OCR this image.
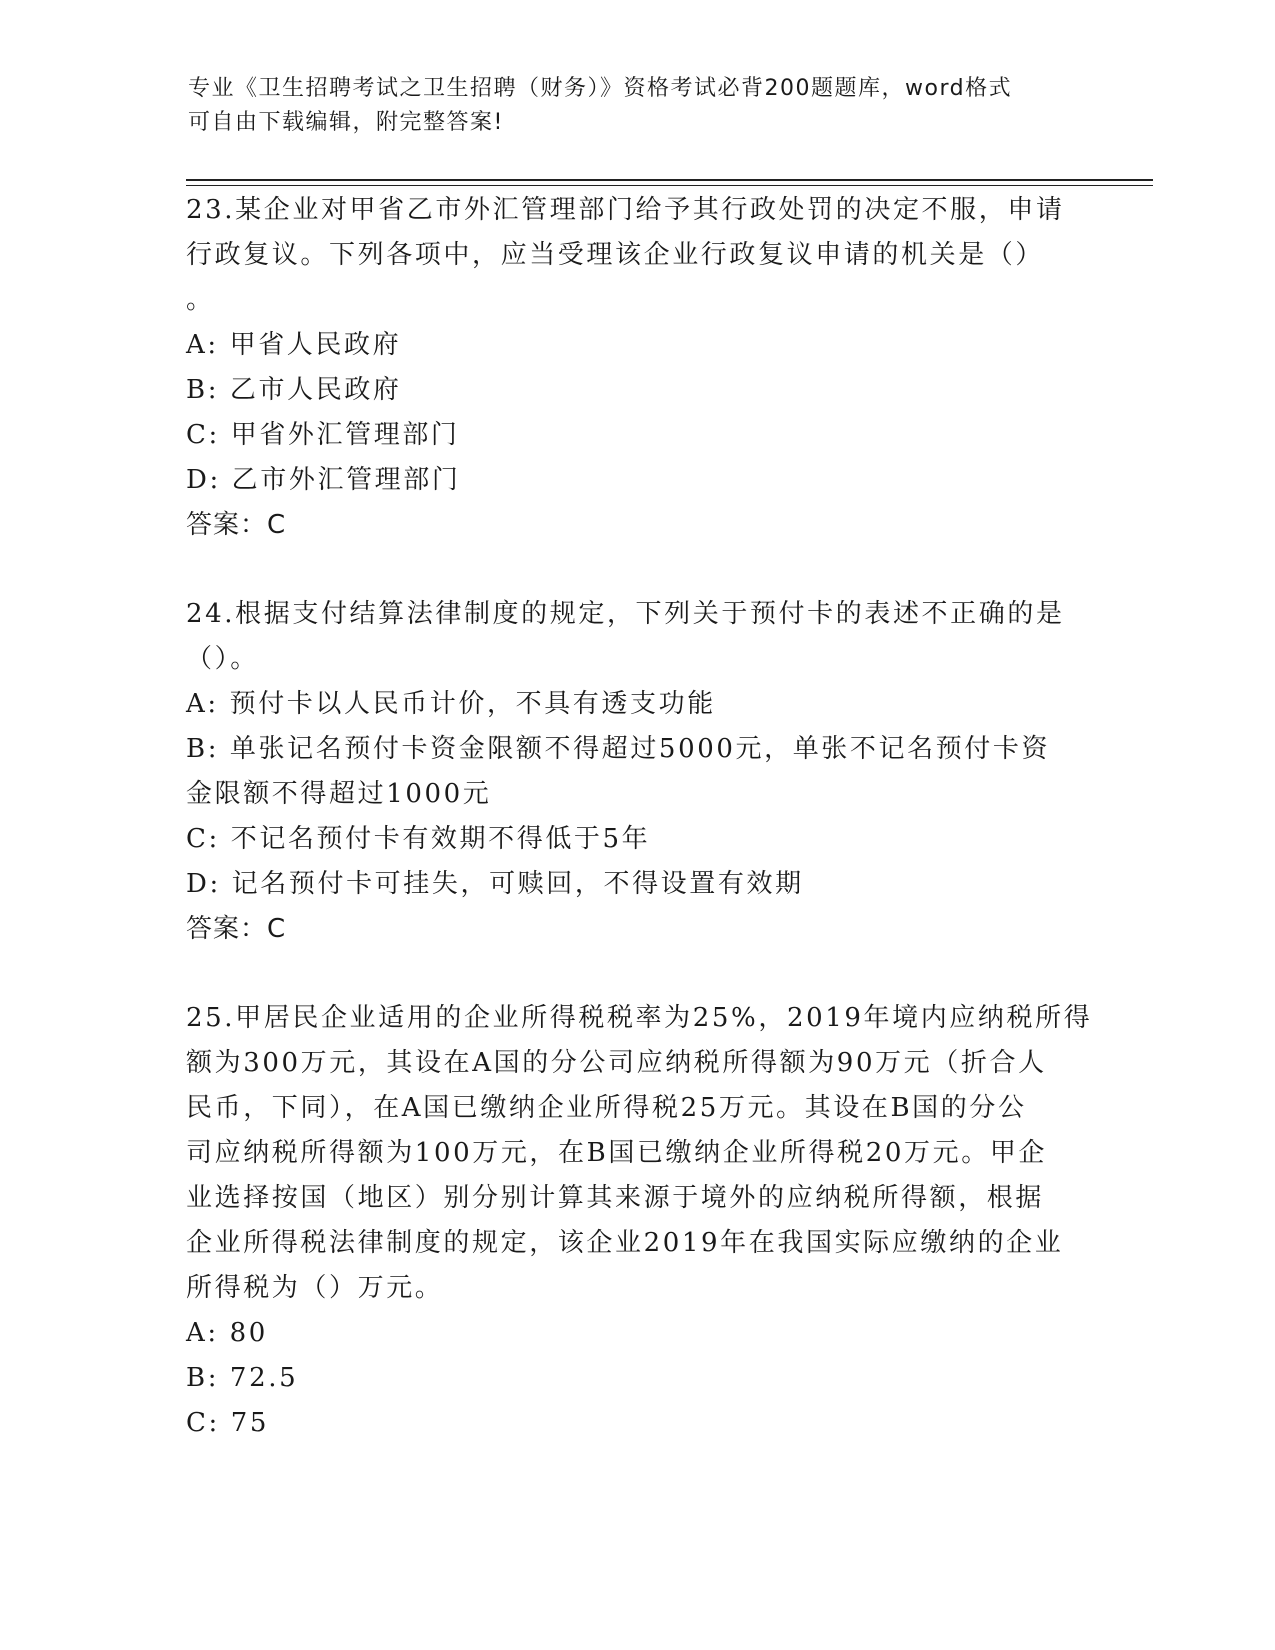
专业《卫生招聘考试之卫生招聘（财务）》资格考试必背200题题库，word格式
可自由下载编辑，附完整答案!
23.某企业对甲省乙市外汇管理部门给予其行政处罚的决定不服，申请
行政复议。下列各项中，应当受理该企业行政复议申请的机关是（）
。
A: 甲省人民政府
B: 乙市人民政府
C: 甲省外汇管理部门
D: 乙市外汇管理部门
答案：C
24.根据支付结算法律制度的规定，下列关于预付卡的表述不正确的是
（）。
A: 预付卡以人民币计价，不具有透支功能
B: 单张记名预付卡资金限额不得超过5000元，单张不记名预付卡资
金限额不得超过1000元
C: 不记名预付卡有效期不得低于5年
D: 记名预付卡可挂失，可赎回，不得设置有效期
答案：C
25.甲居民企业适用的企业所得税税率为25%，2019年境内应纳税所得
额为300万元，其设在A国的分公司应纳税所得额为90万元（折合人
民币，下同），在A国已缴纳企业所得税25万元。其设在B国的分公
司应纳税所得额为100万元，在B国已缴纳企业所得税20万元。甲企
业选择按国（地区）别分别计算其来源于境外的应纳税所得额，根据
企业所得税法律制度的规定，该企业2019年在我国实际应缴纳的企业
所得税为（）万元。
A: 80
B: 72.5
C: 75
